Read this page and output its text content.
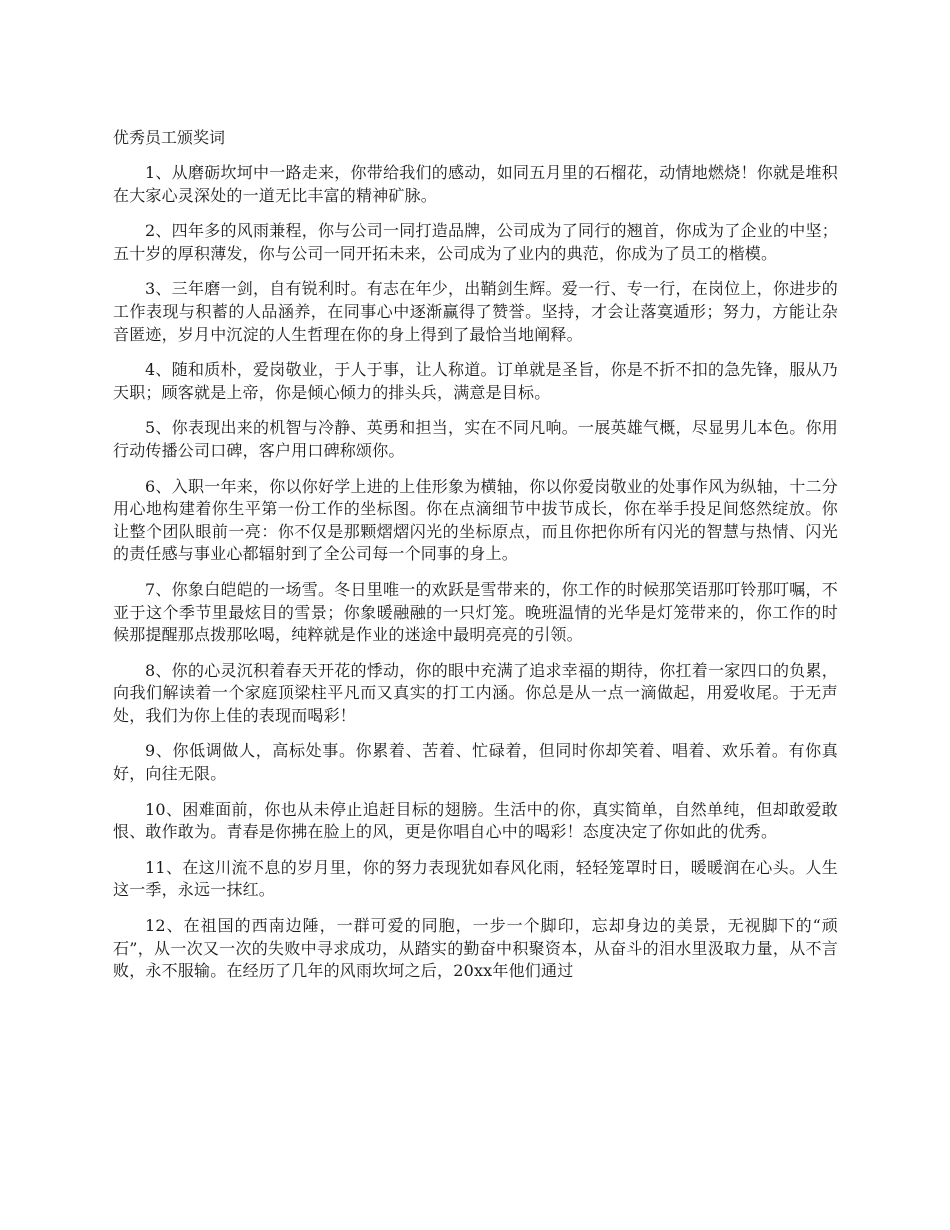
优秀员工颁奖词

1、从磨砺坎坷中一路走来，你带给我们的感动，如同五月里的石榴花，动情地燃烧！你就是堆积在大家心灵深处的一道无比丰富的精神矿脉。

2、四年多的风雨兼程，你与公司一同打造品牌，公司成为了同行的翘首，你成为了企业的中坚；五十岁的厚积薄发，你与公司一同开拓未来，公司成为了业内的典范，你成为了员工的楷模。

3、三年磨一剑，自有锐利时。有志在年少，出鞘剑生辉。爱一行、专一行，在岗位上，你进步的工作表现与积蓄的人品涵养，在同事心中逐渐赢得了赞誉。坚持，才会让落寞遁形；努力，方能让杂音匿迹，岁月中沉淀的人生哲理在你的身上得到了最恰当地阐释。

4、随和质朴，爱岗敬业，于人于事，让人称道。订单就是圣旨，你是不折不扣的急先锋，服从乃天职；顾客就是上帝，你是倾心倾力的排头兵，满意是目标。

5、你表现出来的机智与冷静、英勇和担当，实在不同凡响。一展英雄气概，尽显男儿本色。你用行动传播公司口碑，客户用口碑称颂你。

6、入职一年来，你以你好学上进的上佳形象为横轴，你以你爱岗敬业的处事作风为纵轴，十二分用心地构建着你生平第一份工作的坐标图。你在点滴细节中拔节成长，你在举手投足间悠然绽放。你让整个团队眼前一亮：你不仅是那颗熠熠闪光的坐标原点，而且你把你所有闪光的智慧与热情、闪光的责任感与事业心都辐射到了全公司每一个同事的身上。

7、你象白皑皑的一场雪。冬日里唯一的欢跃是雪带来的，你工作的时候那笑语那叮铃那叮嘱，不亚于这个季节里最炫目的雪景；你象暖融融的一只灯笼。晚班温情的光华是灯笼带来的，你工作的时候那提醒那点拨那吆喝，纯粹就是作业的迷途中最明亮亮的引领。

8、你的心灵沉积着春天开花的悸动，你的眼中充满了追求幸福的期待，你扛着一家四口的负累，向我们解读着一个家庭顶梁柱平凡而又真实的打工内涵。你总是从一点一滴做起，用爱收尾。于无声处，我们为你上佳的表现而喝彩！

9、你低调做人，高标处事。你累着、苦着、忙碌着，但同时你却笑着、唱着、欢乐着。有你真好，向往无限。

10、困难面前，你也从未停止追赶目标的翅膀。生活中的你，真实简单，自然单纯，但却敢爱敢恨、敢作敢为。青春是你拂在脸上的风，更是你唱自心中的喝彩！态度决定了你如此的优秀。

11、在这川流不息的岁月里，你的努力表现犹如春风化雨，轻轻笼罩时日，暖暖润在心头。人生这一季，永远一抹红。

12、在祖国的西南边陲，一群可爱的同胞，一步一个脚印，忘却身边的美景，无视脚下的“顽石”，从一次又一次的失败中寻求成功，从踏实的勤奋中积聚资本，从奋斗的泪水里汲取力量，从不言败，永不服输。在经历了几年的风雨坎坷之后，20xx年他们通过
